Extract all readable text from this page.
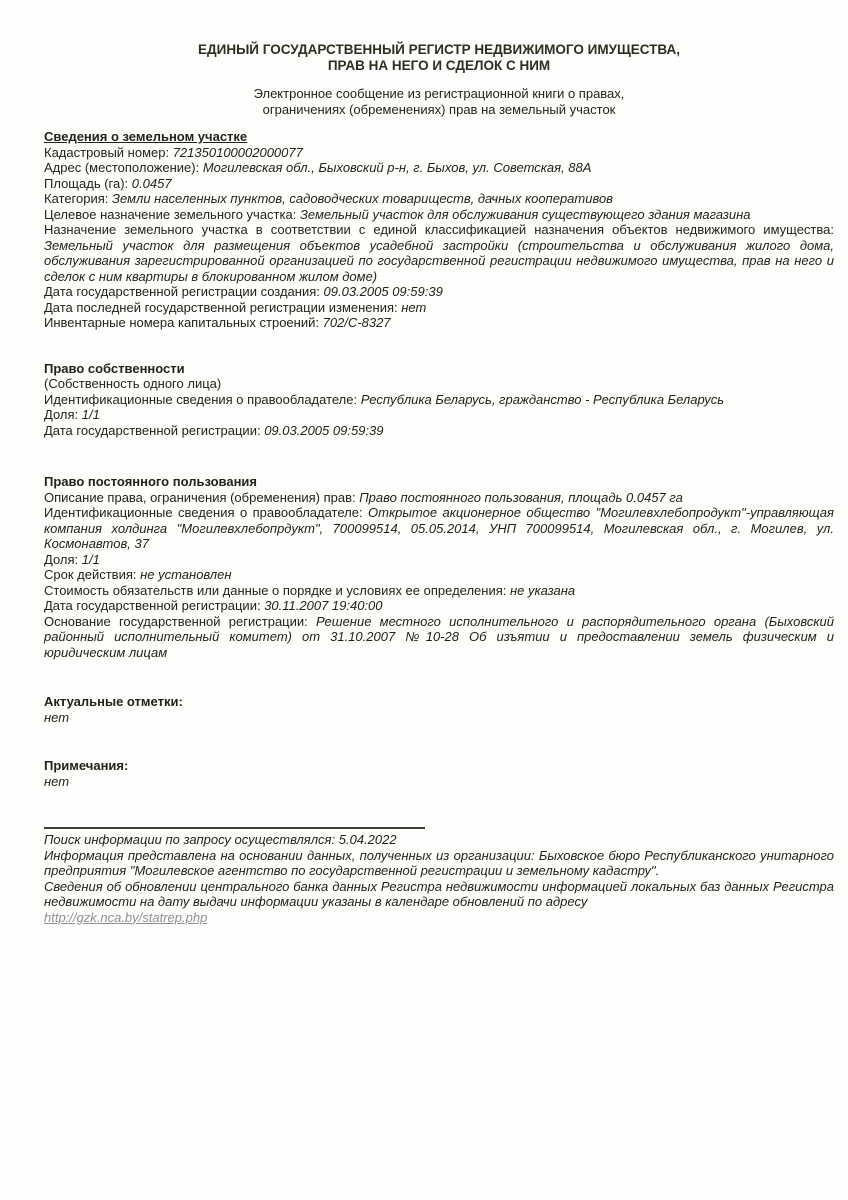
ЕДИНЫЙ ГОСУДАРСТВЕННЫЙ РЕГИСТР НЕДВИЖИМОГО ИМУЩЕСТВА,
ПРАВ НА НЕГО И СДЕЛОК С НИМ
Электронное сообщение из регистрационной книги о правах,
ограничениях (обременениях) прав на земельный участок
Сведения о земельном участке

Кадастровый номер: 721350100002000077

Адрес (местоположение): Могилевская обл., Быховский р-н, г. Быхов, ул. Советская, 88А

Площадь (га): 0.0457

Категория: Земли населенных пунктов, садоводческих товариществ, дачных кооперативов

Целевое назначение земельного участка: Земельный участок для обслуживания существующего здания магазина

Назначение земельного участка в соответствии с единой классификацией назначения объектов недвижимого имущества: Земельный участок для размещения объектов усадебной застройки (строительства и обслуживания жилого дома, обслуживания зарегистрированной организацией по государственной регистрации недвижимого имущества, прав на него и сделок с ним квартиры в блокированном жилом доме)

Дата государственной регистрации создания: 09.03.2005 09:59:39

Дата последней государственной регистрации изменения: нет

Инвентарные номера капитальных строений: 702/С-8327

Право собственности

(Собственность одного лица)

Идентификационные сведения о правообладателе: Республика Беларусь, гражданство - Республика Беларусь

Доля: 1/1

Дата государственной регистрации: 09.03.2005 09:59:39

Право постоянного пользования

Описание права, ограничения (обременения) прав: Право постоянного пользования, площадь 0.0457 га

Идентификационные сведения о правообладателе: Открытое акционерное общество "Могилевхлебопродукт"-управляющая компания холдинга "Могилевхлебопрдукт", 700099514, 05.05.2014, УНП 700099514, Могилевская обл., г. Могилев, ул. Космонавтов, 37

Доля: 1/1

Срок действия: не установлен

Стоимость обязательств или данные о порядке и условиях ее определения: не указана

Дата государственной регистрации: 30.11.2007 19:40:00

Основание государственной регистрации: Решение местного исполнительного и распорядительного органа (Быховский районный исполнительный комитет) от 31.10.2007 №10-28 Об изъятии и предоставлении земель физическим и юридическим лицам

Актуальные отметки:

нет

Примечания:

нет

Поиск информации по запросу осуществлялся: 5.04.2022

Информация представлена на основании данных, полученных из организации: Быховское бюро Республиканского унитарного предприятия "Могилевское агентство по государственной регистрации и земельному кадастру".

Сведения об обновлении центрального банка данных Регистра недвижимости информацией локальных баз данных Регистра недвижимости на дату выдачи информации указаны в календаре обновлений по адресу

http://gzk.nca.by/statrep.php
